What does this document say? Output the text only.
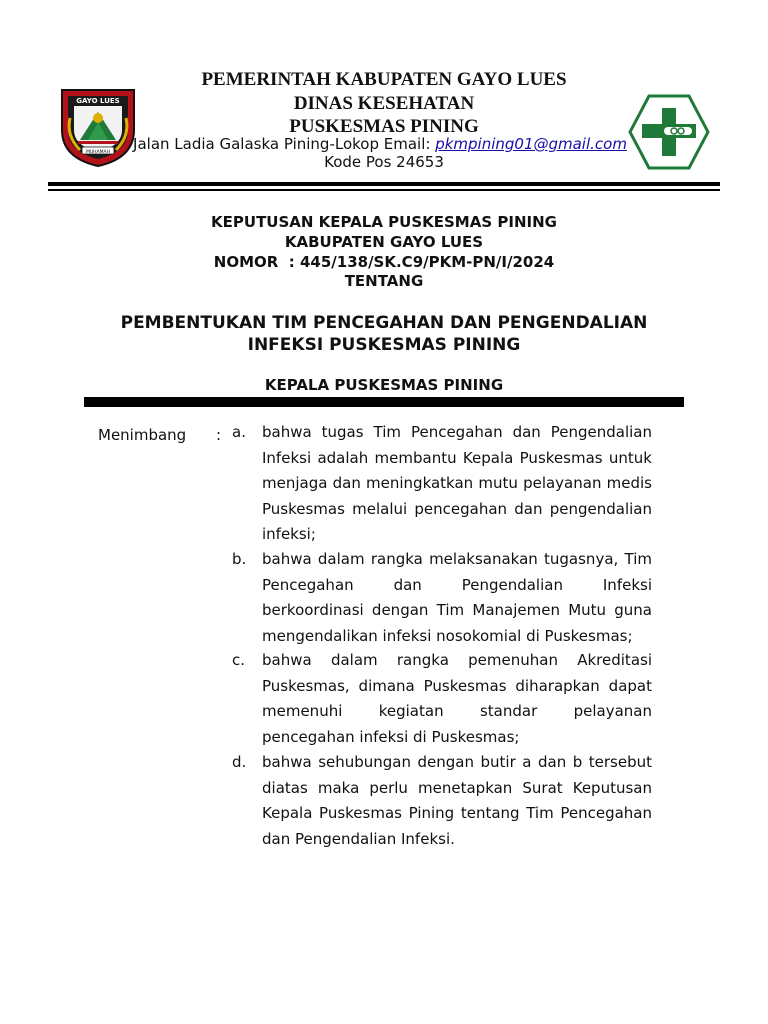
GAYO LUES
MUHAMAH
PEMERINTAH KABUPATEN GAYO LUES
DINAS KESEHATAN
PUSKESMAS PINING
Jalan Ladia Galaska Pining-Lokop Email: pkmpining01@gmail.com
Kode Pos 24653
KEPUTUSAN KEPALA PUSKESMAS PINING
KABUPATEN GAYO LUES
NOMOR  : 445/138/SK.C9/PKM-PN/I/2024
TENTANG
PEMBENTUKAN TIM PENCEGAHAN DAN PENGENDALIAN
INFEKSI PUSKESMAS PINING
KEPALA PUSKESMAS PINING
Menimbang : a. bahwa tugas Tim Pencegahan dan Pengendalian Infeksi adalah membantu Kepala Puskesmas untuk menjaga dan meningkatkan mutu pelayanan medis Puskesmas melalui pencegahan dan pengendalian infeksi;
b. bahwa dalam rangka melaksanakan tugasnya, Tim Pencegahan dan Pengendalian Infeksi berkoordinasi dengan Tim Manajemen Mutu guna mengendalikan infeksi nosokomial di Puskesmas;
c. bahwa dalam rangka pemenuhan Akreditasi Puskesmas, dimana Puskesmas diharapkan dapat memenuhi kegiatan standar pelayanan pencegahan infeksi di Puskesmas;
d. bahwa sehubungan dengan butir a dan b tersebut diatas maka perlu menetapkan Surat Keputusan Kepala Puskesmas Pining tentang Tim Pencegahan dan Pengendalian Infeksi.
